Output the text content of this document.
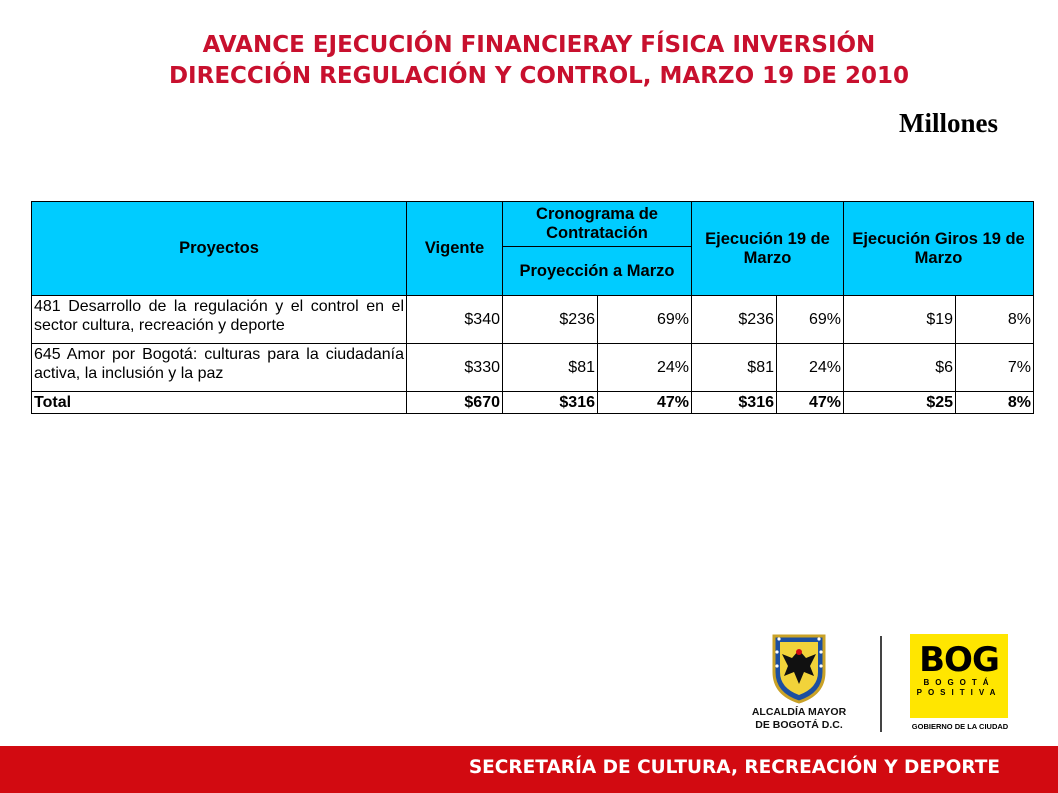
AVANCE EJECUCIÓN FINANCIERAY FÍSICA INVERSIÓN
DIRECCIÓN REGULACIÓN Y CONTROL, MARZO 19 DE 2010
Millones
Proyectos	Vigente	Cronograma de Contratación		Ejecución 19 de Marzo		Ejecución Giros 19 de Marzo	
		Proyección a Marzo					
481 Desarrollo de la regulación y el control en el sector cultura, recreación y deporte	$340	$236	69%	$236	69%	$19	8%
645 Amor por Bogotá: culturas para la ciudadanía activa, la inclusión y la paz	$330	$81	24%	$81	24%	$6	7%
Total	$670	$316	47%	$316	47%	$25	8%
ALCALDÍA MAYOR
DE BOGOTÁ D.C.
BOG
BOGOTÁ
POSITIVA
GOBIERNO DE LA CIUDAD
SECRETARÍA DE CULTURA, RECREACIÓN Y DEPORTE
